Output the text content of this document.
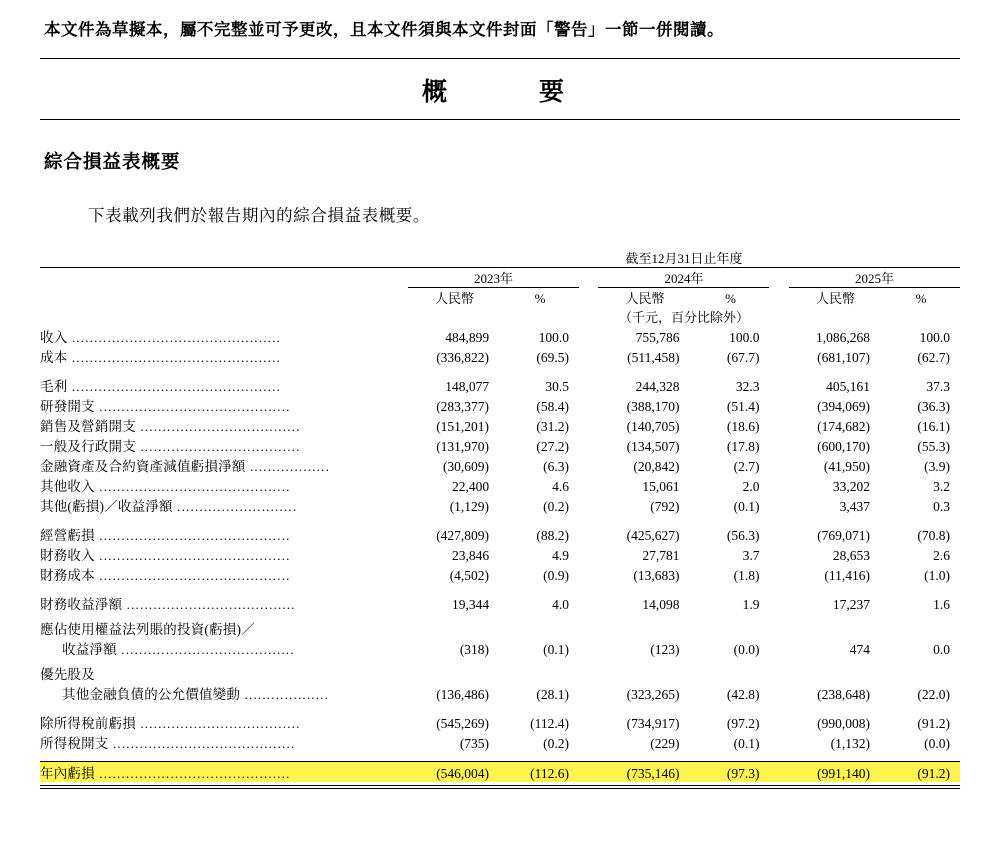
本文件為草擬本，屬不完整並可予更改，且本文件須與本文件封面「警告」一節一併閱讀。
概　　要
綜合損益表概要
下表載列我們於報告期內的綜合損益表概要。
	截至12月31日止年度							
	2023年			2024年			2025年	

	人民幣	%		人民幣	%		人民幣	%
	（千元，百分比除外）							
收入 ...............................................	484,899	100.0		755,786	100.0		1,086,268	100.0
成本 ...............................................	(336,822)	(69.5)		(511,458)	(67.7)		(681,107)	(62.7)

毛利 ...............................................	148,077	30.5		244,328	32.3		405,161	37.3
研發開支 ...........................................	(283,377)	(58.4)		(388,170)	(51.4)		(394,069)	(36.3)
銷售及營銷開支 ....................................	(151,201)	(31.2)		(140,705)	(18.6)		(174,682)	(16.1)
一般及行政開支 ....................................	(131,970)	(27.2)		(134,507)	(17.8)		(600,170)	(55.3)
金融資產及合約資產減值虧損淨額 ..................	(30,609)	(6.3)		(20,842)	(2.7)		(41,950)	(3.9)
其他收入 ...........................................	22,400	4.6		15,061	2.0		33,202	3.2
其他(虧損)／收益淨額 ...........................	(1,129)	(0.2)		(792)	(0.1)		3,437	0.3

經營虧損 ...........................................	(427,809)	(88.2)		(425,627)	(56.3)		(769,071)	(70.8)
財務收入 ...........................................	23,846	4.9		27,781	3.7		28,653	2.6
財務成本 ...........................................	(4,502)	(0.9)		(13,683)	(1.8)		(11,416)	(1.0)

財務收益淨額 ......................................	19,344	4.0		14,098	1.9		17,237	1.6

應佔使用權益法列賬的投資(虧損)／								
收益淨額 .......................................	(318)	(0.1)		(123)	(0.0)		474	0.0

優先股及								
其他金融負債的公允價值變動 ...................	(136,486)	(28.1)		(323,265)	(42.8)		(238,648)	(22.0)

除所得稅前虧損 ....................................	(545,269)	(112.4)		(734,917)	(97.2)		(990,008)	(91.2)
所得稅開支 .........................................	(735)	(0.2)		(229)	(0.1)		(1,132)	(0.0)

年內虧損 ...........................................	(546,004)	(112.6)		(735,146)	(97.3)		(991,140)	(91.2)
